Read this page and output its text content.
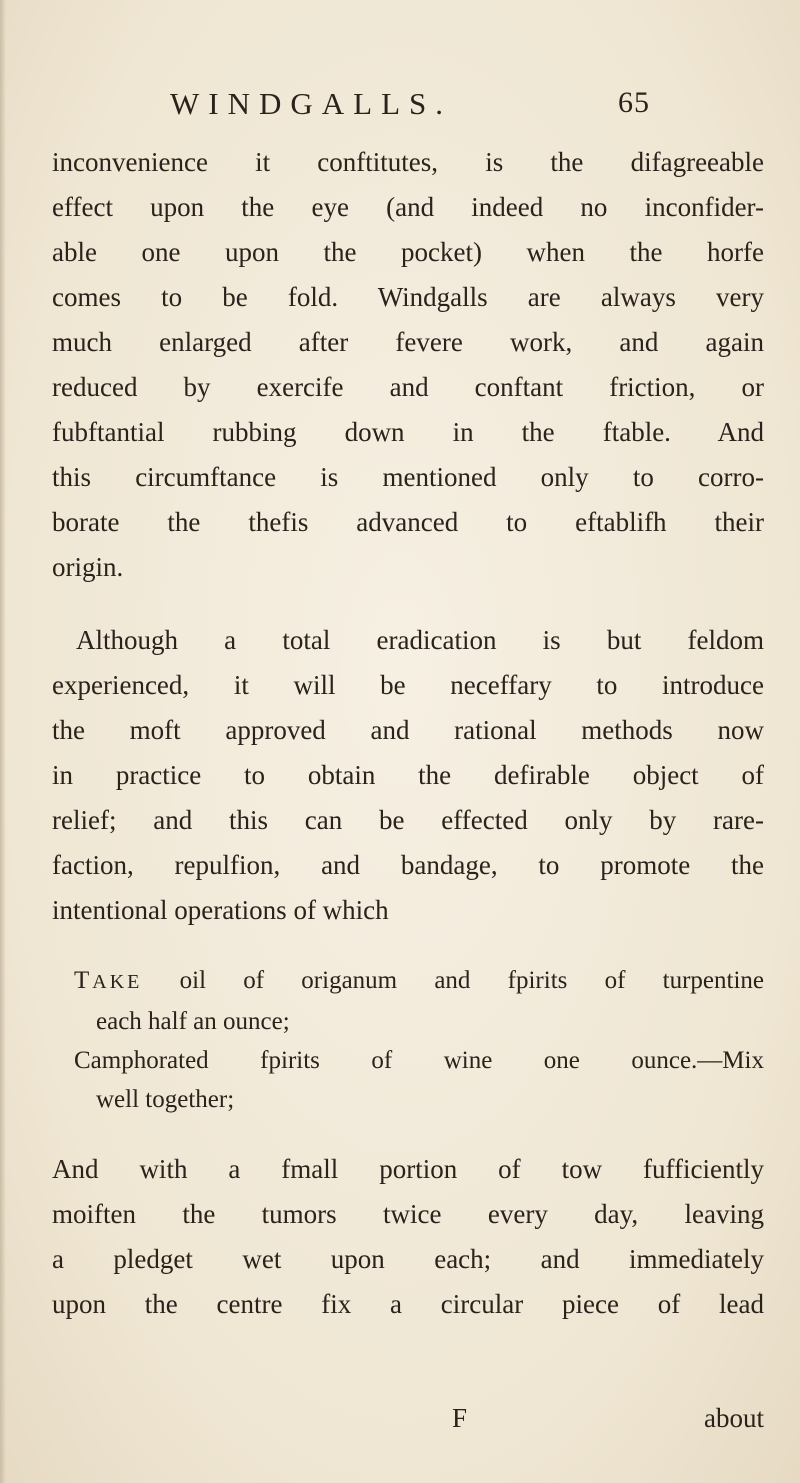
WINDGALLS.	65
inconvenience it conftitutes, is the difagreeable
effect upon the eye (and indeed no inconfider-
able one upon the pocket) when the horfe
comes to be fold. Windgalls are always very
much enlarged after fevere work, and again
reduced by exercife and conftant friction, or
fubftantial rubbing down in the ftable. And
this circumftance is mentioned only to corro-
borate the thefis advanced to eftablifh their
origin.
Although a total eradication is but feldom
experienced, it will be neceffary to introduce
the moft approved and rational methods now
in practice to obtain the defirable object of
relief; and this can be effected only by rare-
faction, repulfion, and bandage, to promote the
intentional operations of which
TAKE oil of origanum and fpirits of turpentine
each half an ounce;
Camphorated fpirits of wine one ounce.—Mix
well together;
And with a fmall portion of tow fufficiently
moiften the tumors twice every day, leaving
a pledget wet upon each; and immediately
upon the centre fix a circular piece of lead
F	about
